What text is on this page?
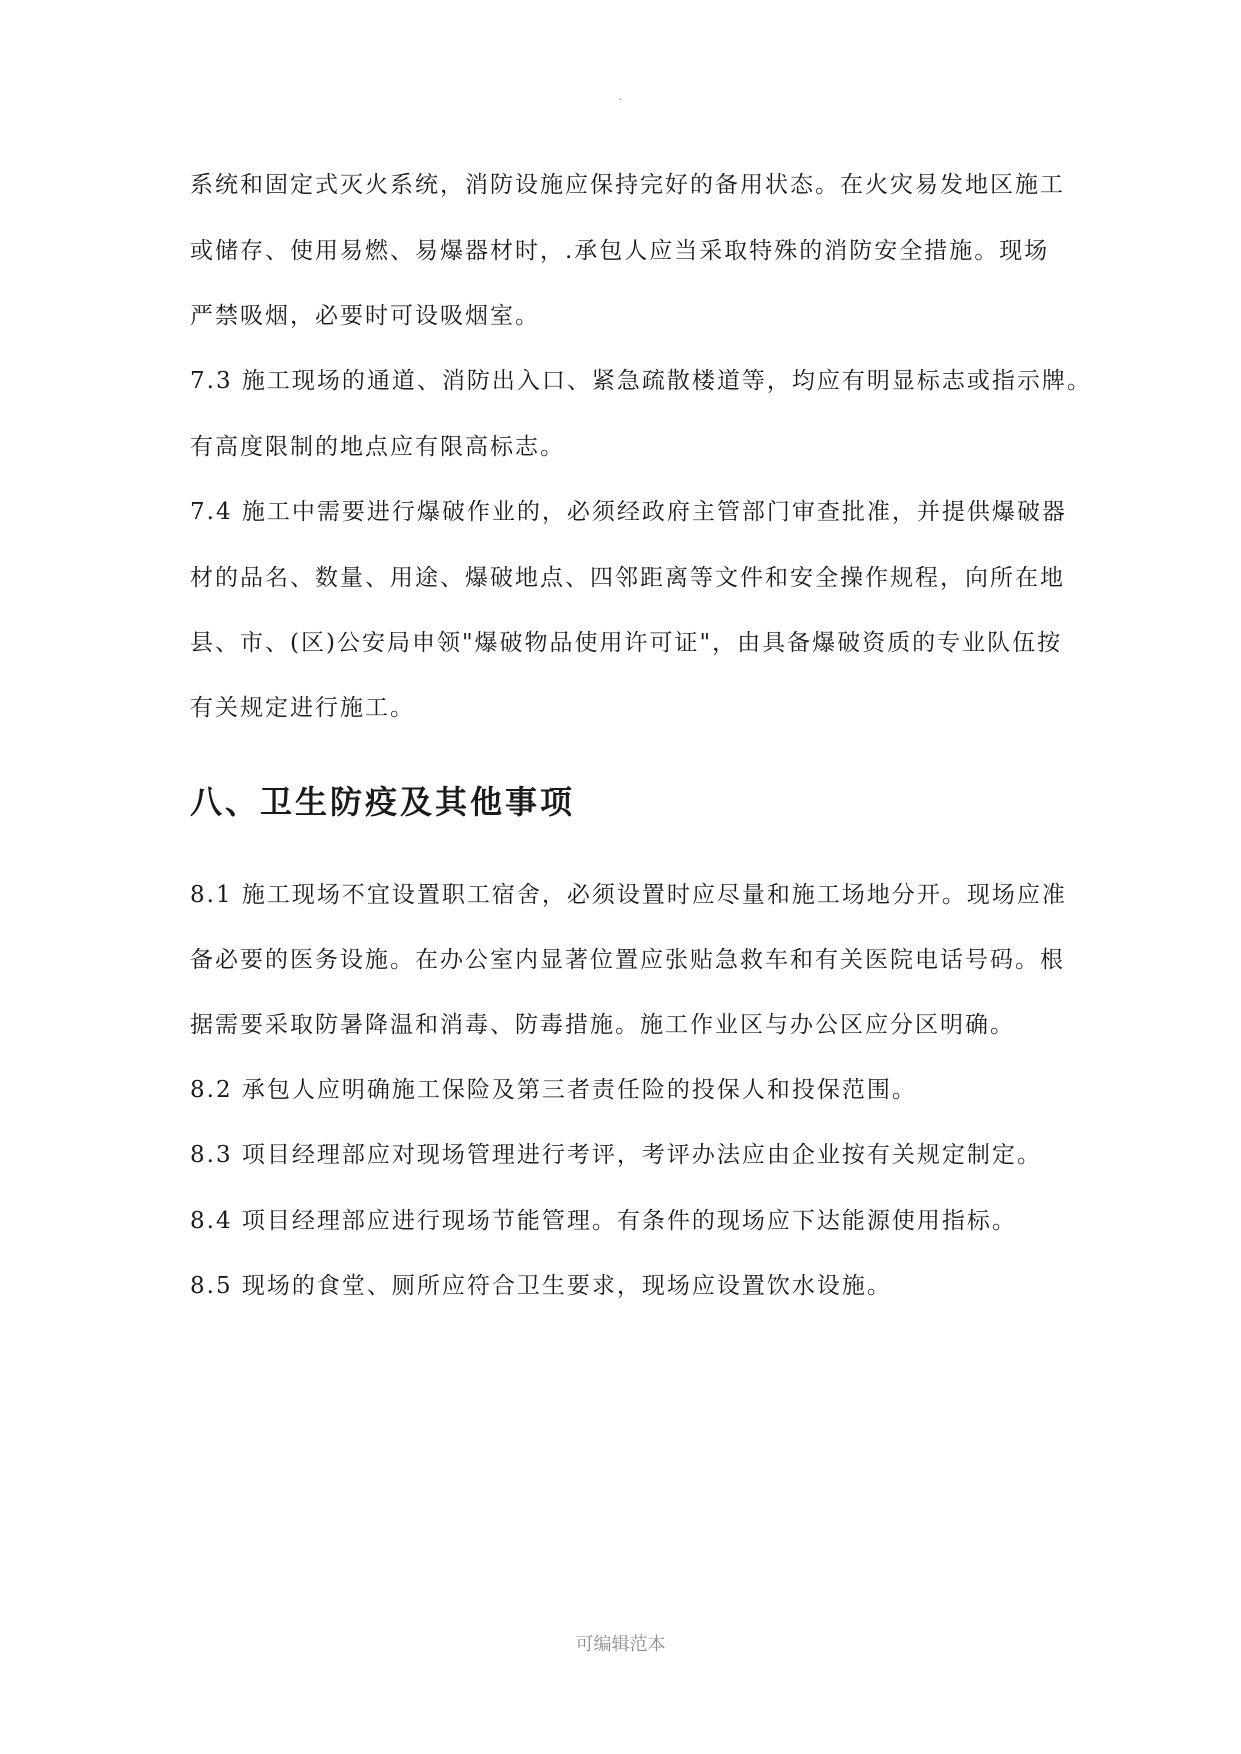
.
系统和固定式灭火系统，消防设施应保持完好的备用状态。在火灾易发地区施工
或储存、使用易燃、易爆器材时，.承包人应当采取特殊的消防安全措施。现场
严禁吸烟，必要时可设吸烟室。
7.3 施工现场的通道、消防出入口、紧急疏散楼道等，均应有明显标志或指示牌。
有高度限制的地点应有限高标志。
7.4 施工中需要进行爆破作业的，必须经政府主管部门审查批准，并提供爆破器
材的品名、数量、用途、爆破地点、四邻距离等文件和安全操作规程，向所在地
县、市、(区)公安局申领"爆破物品使用许可证"，由具备爆破资质的专业队伍按
有关规定进行施工。
八、卫生防疫及其他事项
8.1 施工现场不宜设置职工宿舍，必须设置时应尽量和施工场地分开。现场应准
备必要的医务设施。在办公室内显著位置应张贴急救车和有关医院电话号码。根
据需要采取防暑降温和消毒、防毒措施。施工作业区与办公区应分区明确。
8.2 承包人应明确施工保险及第三者责任险的投保人和投保范围。
8.3 项目经理部应对现场管理进行考评，考评办法应由企业按有关规定制定。
8.4 项目经理部应进行现场节能管理。有条件的现场应下达能源使用指标。
8.5 现场的食堂、厕所应符合卫生要求，现场应设置饮水设施。
可编辑范本
